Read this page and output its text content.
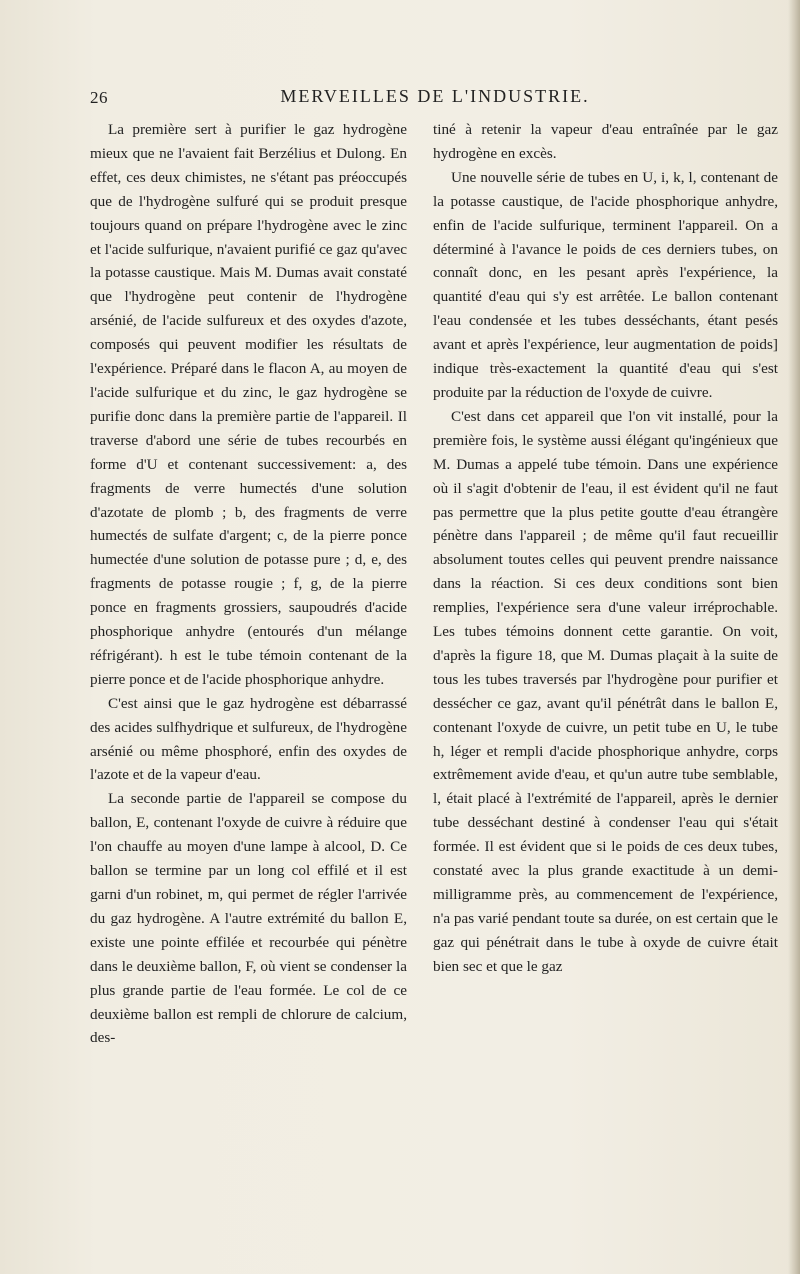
26	MERVEILLES DE L'INDUSTRIE.

La première sert à purifier le gaz hydrogène mieux que ne l'avaient fait Berzélius et Dulong. En effet, ces deux chimistes, ne s'étant pas préoccupés que de l'hydrogène sulfuré qui se produit presque toujours quand on prépare l'hydrogène avec le zinc et l'acide sulfurique, n'avaient purifié ce gaz qu'avec la potasse caustique. Mais M. Dumas avait constaté que l'hydrogène peut contenir de l'hydrogène arsénié, de l'acide sulfureux et des oxydes d'azote, composés qui peuvent modifier les résultats de l'expérience. Préparé dans le flacon A, au moyen de l'acide sulfurique et du zinc, le gaz hydrogène se purifie donc dans la première partie de l'appareil. Il traverse d'abord une série de tubes recourbés en forme d'U et contenant successivement: a, des fragments de verre humectés d'une solution d'azotate de plomb ; b, des fragments de verre humectés de sulfate d'argent; c, de la pierre ponce humectée d'une solution de potasse pure ; d, e, des fragments de potasse rougie ; f, g, de la pierre ponce en fragments grossiers, saupoudrés d'acide phosphorique anhydre (entourés d'un mélange réfrigérant). h est le tube témoin contenant de la pierre ponce et de l'acide phosphorique anhydre.

C'est ainsi que le gaz hydrogène est débarrassé des acides sulfhydrique et sulfureux, de l'hydrogène arsénié ou même phosphoré, enfin des oxydes de l'azote et de la vapeur d'eau.

La seconde partie de l'appareil se compose du ballon, E, contenant l'oxyde de cuivre à réduire que l'on chauffe au moyen d'une lampe à alcool, D. Ce ballon se termine par un long col effilé et il est garni d'un robinet, m, qui permet de régler l'arrivée du gaz hydrogène. A l'autre extrémité du ballon E, existe une pointe effilée et recourbée qui pénètre dans le deuxième ballon, F, où vient se condenser la plus grande partie de l'eau formée. Le col de ce deuxième ballon est rempli de chlorure de calcium, des-

tiné à retenir la vapeur d'eau entraînée par le gaz hydrogène en excès.

Une nouvelle série de tubes en U, i, k, l, contenant de la potasse caustique, de l'acide phosphorique anhydre, enfin de l'acide sulfurique, terminent l'appareil. On a déterminé à l'avance le poids de ces derniers tubes, on connaît donc, en les pesant après l'expérience, la quantité d'eau qui s'y est arrêtée. Le ballon contenant l'eau condensée et les tubes desséchants, étant pesés avant et après l'expérience, leur augmentation de poids] indique très-exactement la quantité d'eau qui s'est produite par la réduction de l'oxyde de cuivre.

C'est dans cet appareil que l'on vit installé, pour la première fois, le système aussi élégant qu'ingénieux que M. Dumas a appelé tube témoin. Dans une expérience où il s'agit d'obtenir de l'eau, il est évident qu'il ne faut pas permettre que la plus petite goutte d'eau étrangère pénètre dans l'appareil ; de même qu'il faut recueillir absolument toutes celles qui peuvent prendre naissance dans la réaction. Si ces deux conditions sont bien remplies, l'expérience sera d'une valeur irréprochable. Les tubes témoins donnent cette garantie. On voit, d'après la figure 18, que M. Dumas plaçait à la suite de tous les tubes traversés par l'hydrogène pour purifier et dessécher ce gaz, avant qu'il pénétrât dans le ballon E, contenant l'oxyde de cuivre, un petit tube en U, le tube h, léger et rempli d'acide phosphorique anhydre, corps extrêmement avide d'eau, et qu'un autre tube semblable, l, était placé à l'extrémité de l'appareil, après le dernier tube desséchant destiné à condenser l'eau qui s'était formée. Il est évident que si le poids de ces deux tubes, constaté avec la plus grande exactitude à un demi-milligramme près, au commencement de l'expérience, n'a pas varié pendant toute sa durée, on est certain que le gaz qui pénétrait dans le tube à oxyde de cuivre était bien sec et que le gaz
